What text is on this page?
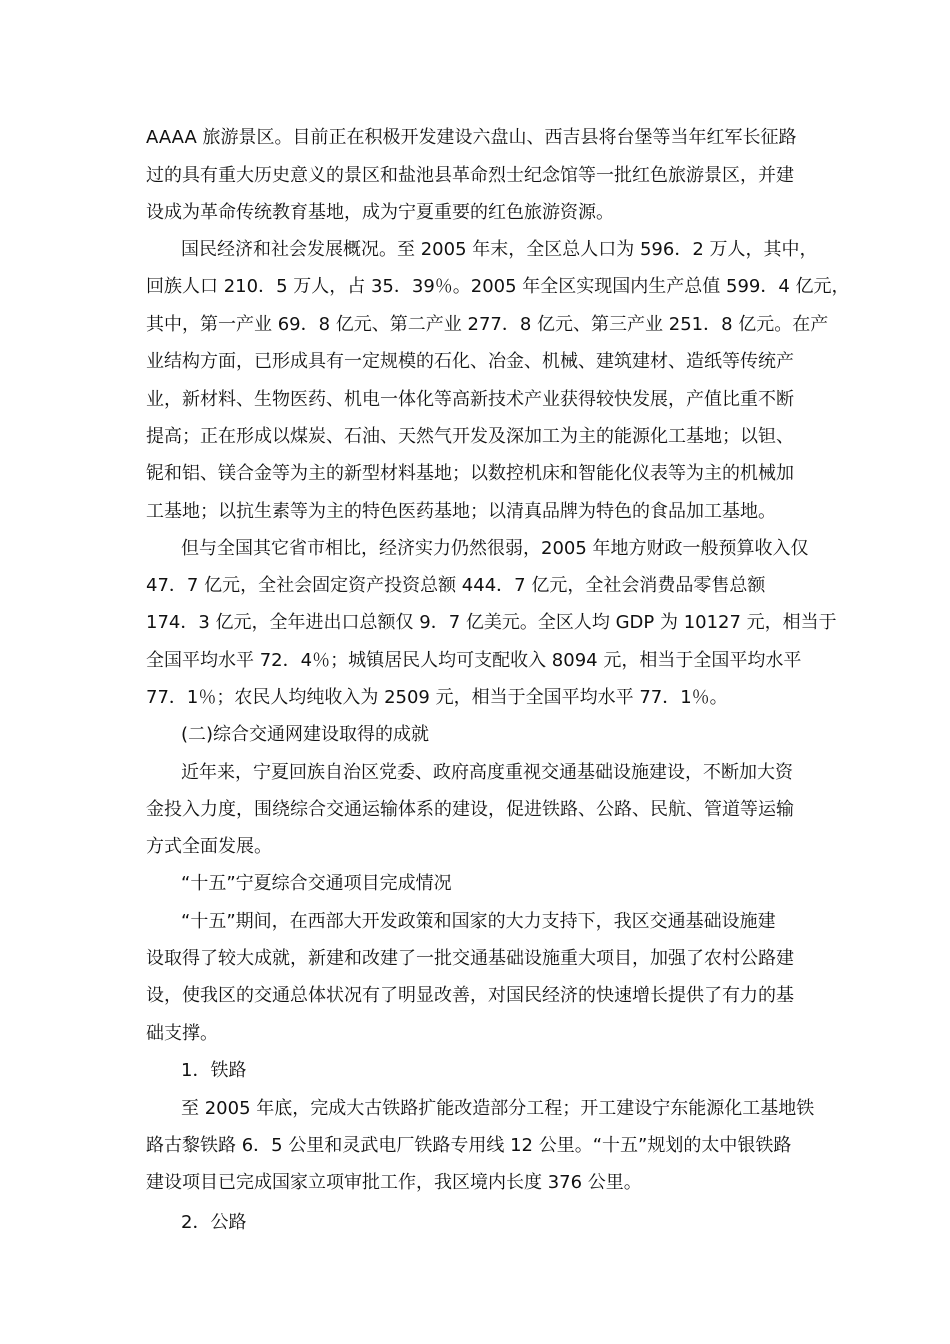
AAAA 旅游景区。目前正在积极开发建设六盘山、西吉县将台堡等当年红军长征路
过的具有重大历史意义的景区和盐池县革命烈士纪念馆等一批红色旅游景区，并建
设成为革命传统教育基地，成为宁夏重要的红色旅游资源。
国民经济和社会发展概况。至 2005 年末，全区总人口为 596．2 万人，其中，
回族人口 210．5 万人，占 35．39％。2005 年全区实现国内生产总值 599．4 亿元，
其中，第一产业 69．8 亿元、第二产业 277．8 亿元、第三产业 251．8 亿元。在产
业结构方面，已形成具有一定规模的石化、冶金、机械、建筑建材、造纸等传统产
业，新材料、生物医药、机电一体化等高新技术产业获得较快发展，产值比重不断
提高；正在形成以煤炭、石油、天然气开发及深加工为主的能源化工基地；以钽、
铌和铝、镁合金等为主的新型材料基地；以数控机床和智能化仪表等为主的机械加
工基地；以抗生素等为主的特色医药基地；以清真品牌为特色的食品加工基地。
但与全国其它省市相比，经济实力仍然很弱，2005 年地方财政一般预算收入仅
47．7 亿元，全社会固定资产投资总额 444．7 亿元，全社会消费品零售总额
174．3 亿元，全年进出口总额仅 9．7 亿美元。全区人均 GDP 为 10127 元，相当于
全国平均水平 72．4％；城镇居民人均可支配收入 8094 元，相当于全国平均水平
77．1％；农民人均纯收入为 2509 元，相当于全国平均水平 77．1％。
(二)综合交通网建设取得的成就
近年来，宁夏回族自治区党委、政府高度重视交通基础设施建设，不断加大资
金投入力度，围绕综合交通运输体系的建设，促进铁路、公路、民航、管道等运输
方式全面发展。
“十五”宁夏综合交通项目完成情况
“十五”期间，在西部大开发政策和国家的大力支持下，我区交通基础设施建
设取得了较大成就，新建和改建了一批交通基础设施重大项目，加强了农村公路建
设，使我区的交通总体状况有了明显改善，对国民经济的快速增长提供了有力的基
础支撑。
1．铁路
至 2005 年底，完成大古铁路扩能改造部分工程；开工建设宁东能源化工基地铁
路古黎铁路 6．5 公里和灵武电厂铁路专用线 12 公里。“十五”规划的太中银铁路
建设项目已完成国家立项审批工作，我区境内长度 376 公里。
2．公路
